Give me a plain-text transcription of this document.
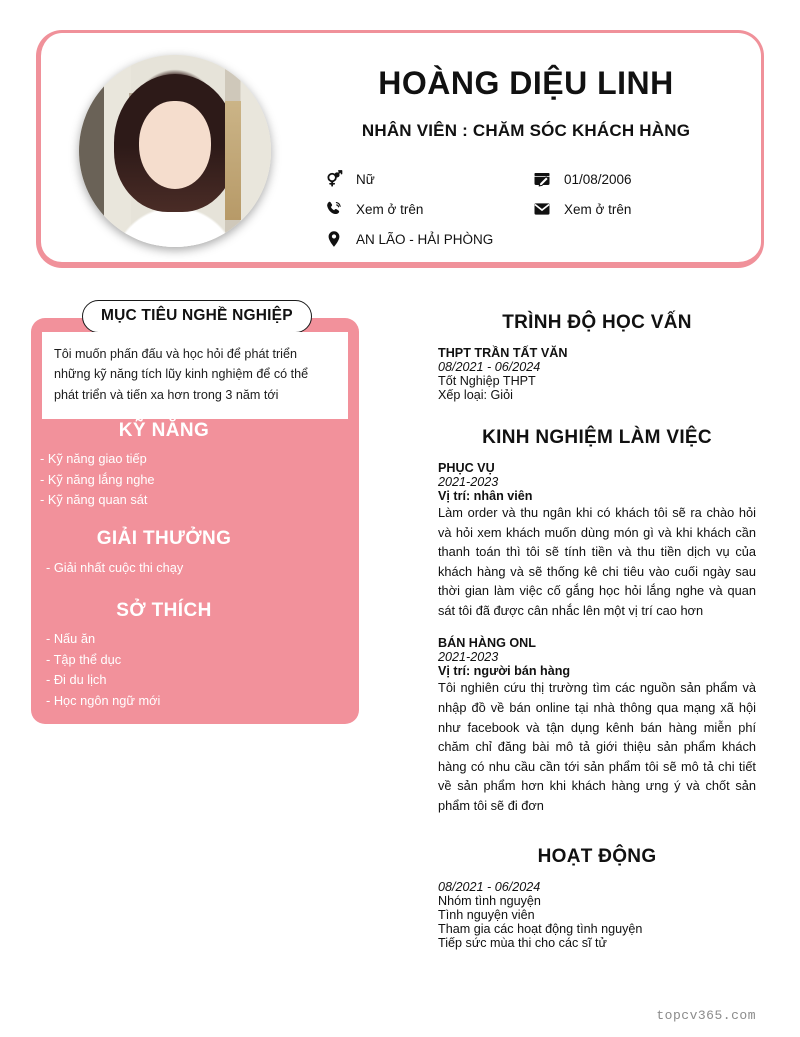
HOÀNG DIỆU LINH
NHÂN VIÊN : CHĂM SÓC KHÁCH HÀNG
Nữ	01/08/2006
Xem ở trên	Xem ở trên
AN LÃO - HẢI PHÒNG
MỤC TIÊU NGHỀ NGHIỆP
Tôi muốn phấn đấu và học hỏi để phát triển những kỹ năng tích lũy kinh nghiệm để có thể phát triển và tiến xa hơn trong 3 năm tới
KỸ NĂNG
- Kỹ năng giao tiếp
- Kỹ năng lắng nghe
- Kỹ năng quan sát
GIẢI THƯỞNG
- Giải nhất cuộc thi chạy
SỞ THÍCH
- Nấu ăn
- Tập thể dục
- Đi du lịch
- Học ngôn ngữ mới
TRÌNH ĐỘ HỌC VẤN
THPT TRẦN TẤT VĂN
08/2021 - 06/2024
Tốt Nghiệp THPT
Xếp loại: Giỏi
KINH NGHIỆM LÀM VIỆC
PHỤC VỤ
2021-2023
Vị trí: nhân viên
Làm order và thu ngân khi có khách tôi sẽ ra chào hỏi và hỏi xem khách muốn dùng món gì và khi khách cần thanh toán thì tôi sẽ tính tiền và thu tiền dịch vụ của khách hàng và sẽ thống kê chi tiêu vào cuối ngày sau thời gian làm việc cố gắng học hỏi lắng nghe và quan sát tôi đã được cân nhắc lên một vị trí cao hơn
BÁN HÀNG ONL
2021-2023
Vị trí: người bán hàng
Tôi nghiên cứu thị trường tìm các nguồn sản phẩm và nhập đồ về bán online tại nhà thông qua mạng xã hội như facebook và tận dụng kênh bán hàng miễn phí chăm chỉ đăng bài mô tả giới thiệu sản phẩm khách hàng có nhu cầu cần tới sản phẩm tôi sẽ mô tả chi tiết về sản phẩm hơn khi khách hàng ưng ý và chốt sản phẩm tôi sẽ đi đơn
HOẠT ĐỘNG
08/2021 - 06/2024
Nhóm tình nguyện
Tình nguyện viên
Tham gia các hoạt động tình nguyện
Tiếp sức mùa thi cho các sĩ tử
topcv365.com
